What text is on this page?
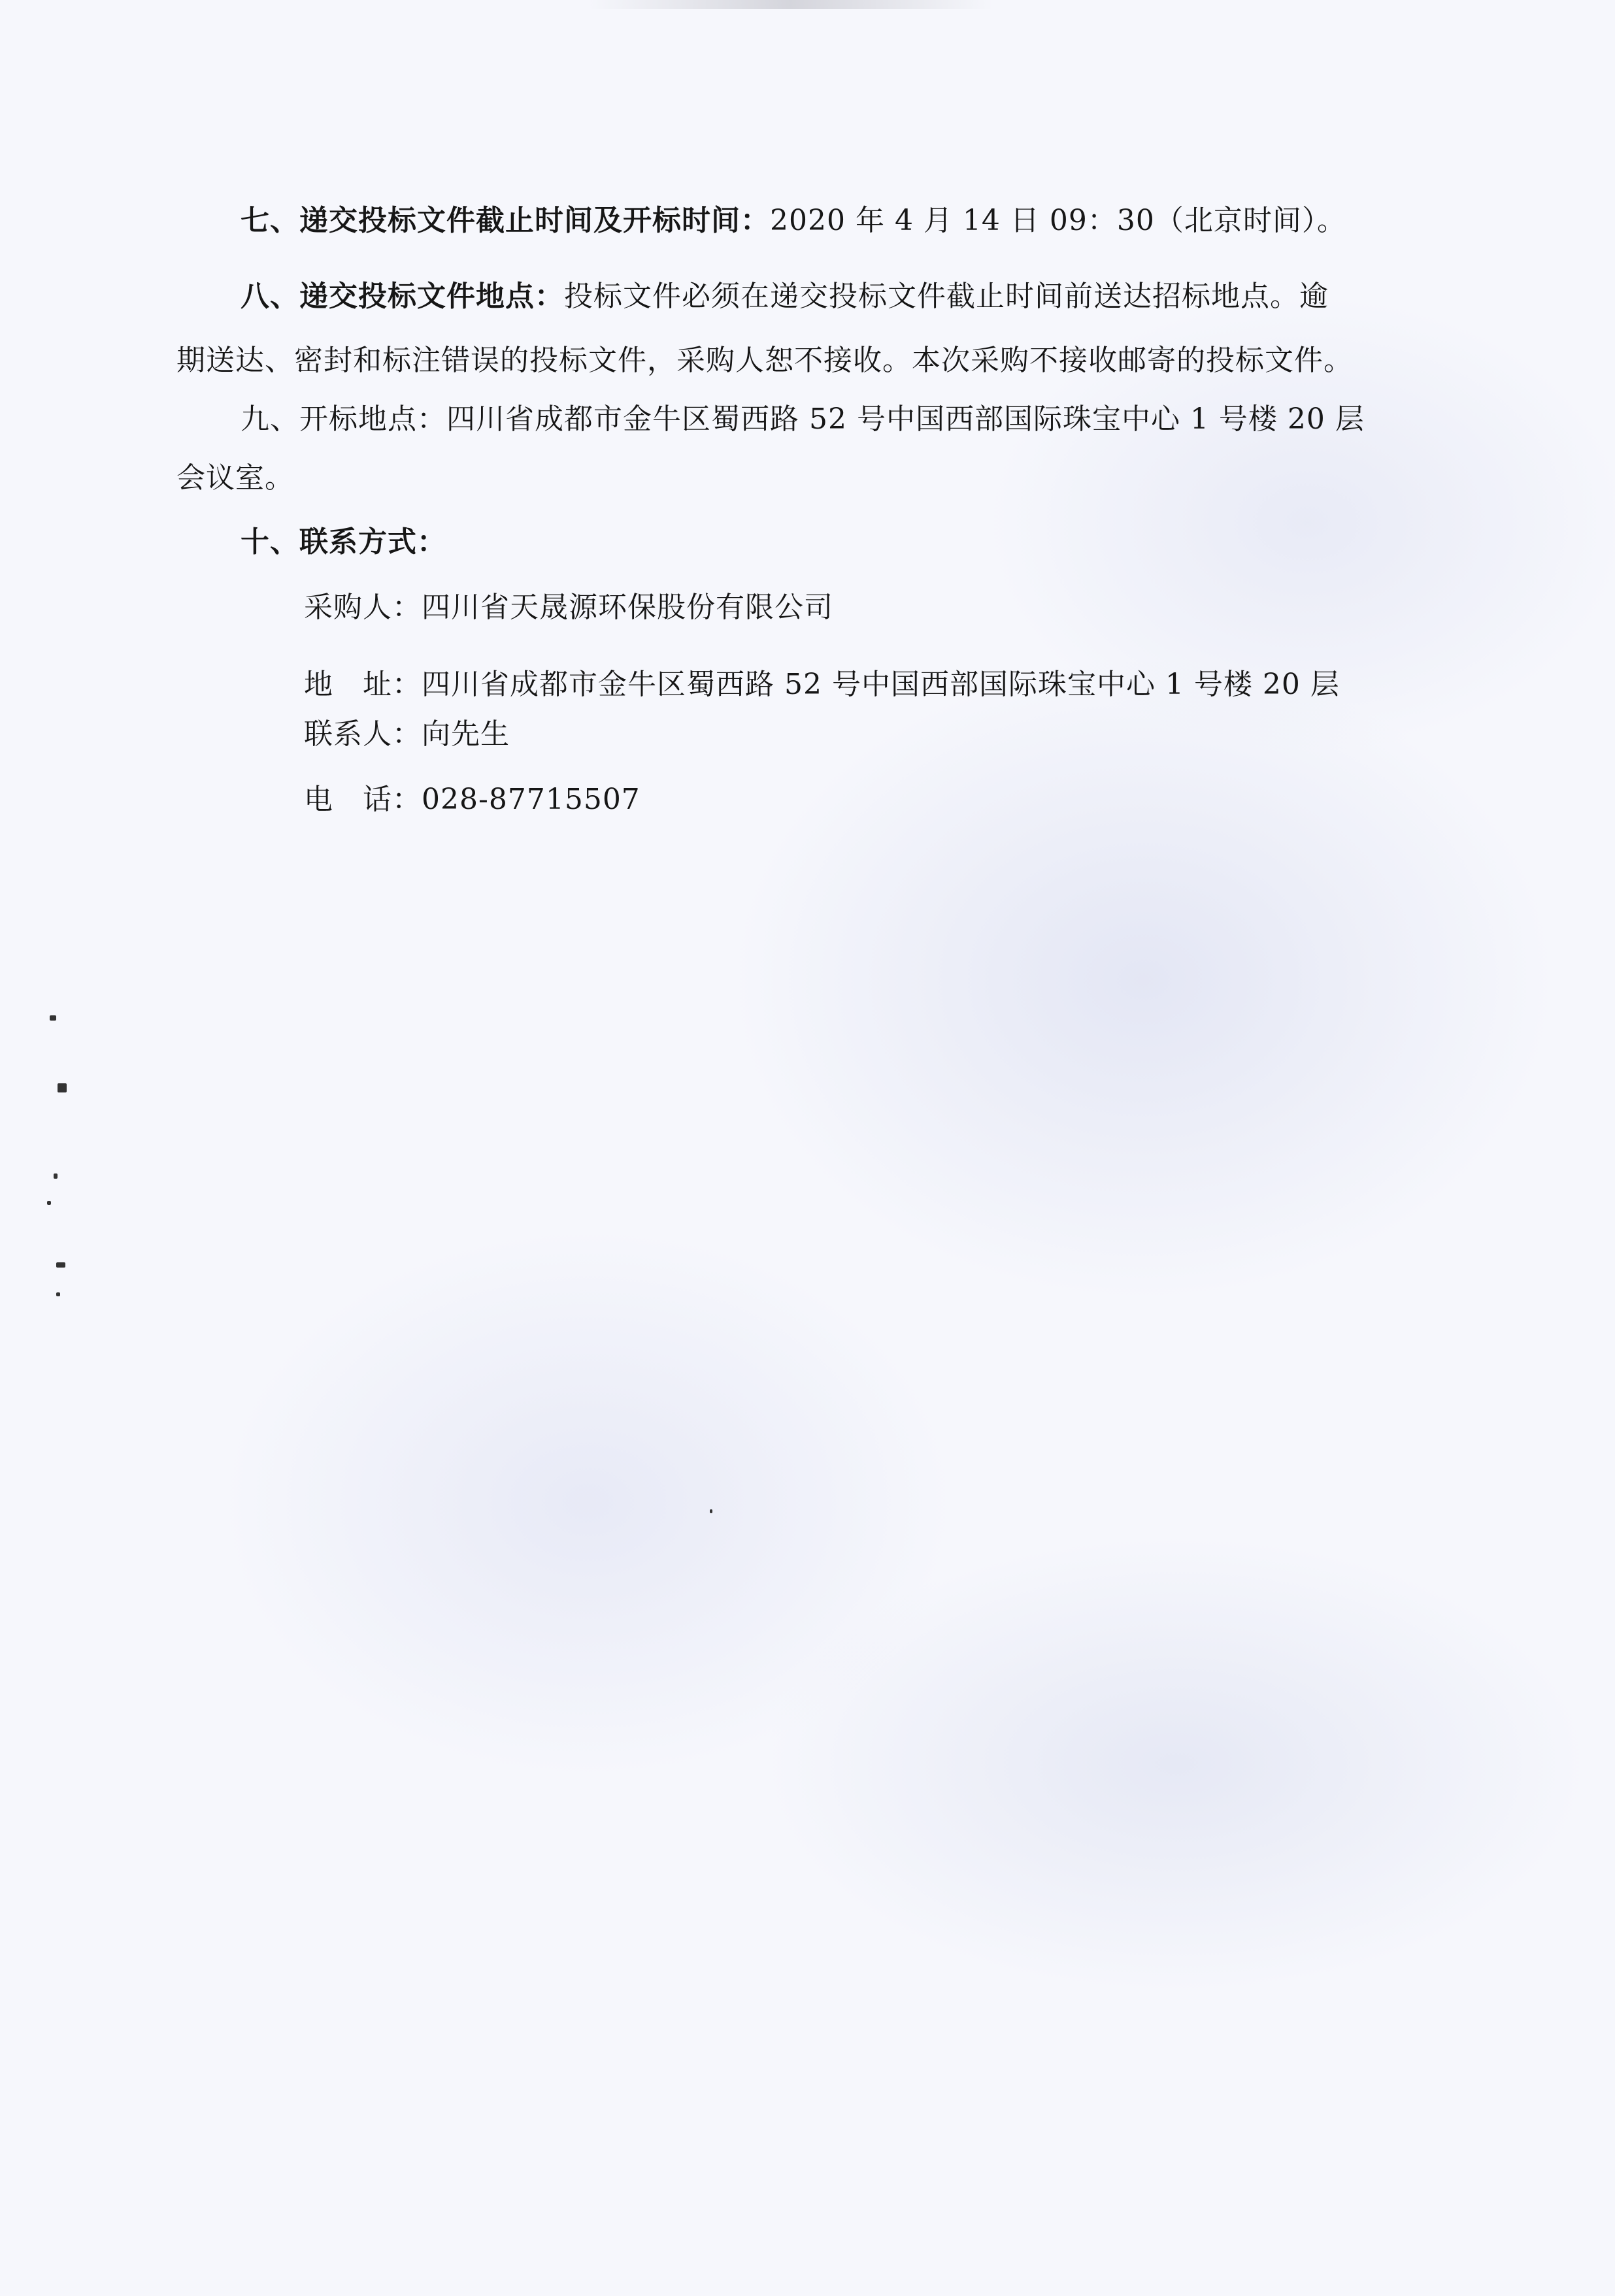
七、递交投标文件截止时间及开标时间：2020 年 4 月 14 日 09：30（北京时间）。
八、递交投标文件地点：投标文件必须在递交投标文件截止时间前送达招标地点。逾
期送达、密封和标注错误的投标文件，采购人恕不接收。本次采购不接收邮寄的投标文件。
九、开标地点：四川省成都市金牛区蜀西路 52 号中国西部国际珠宝中心 1 号楼 20 层
会议室。
十、联系方式：
采购人：四川省天晟源环保股份有限公司
地　址：四川省成都市金牛区蜀西路 52 号中国西部国际珠宝中心 1 号楼 20 层
联系人：向先生
电　话：028-87715507
